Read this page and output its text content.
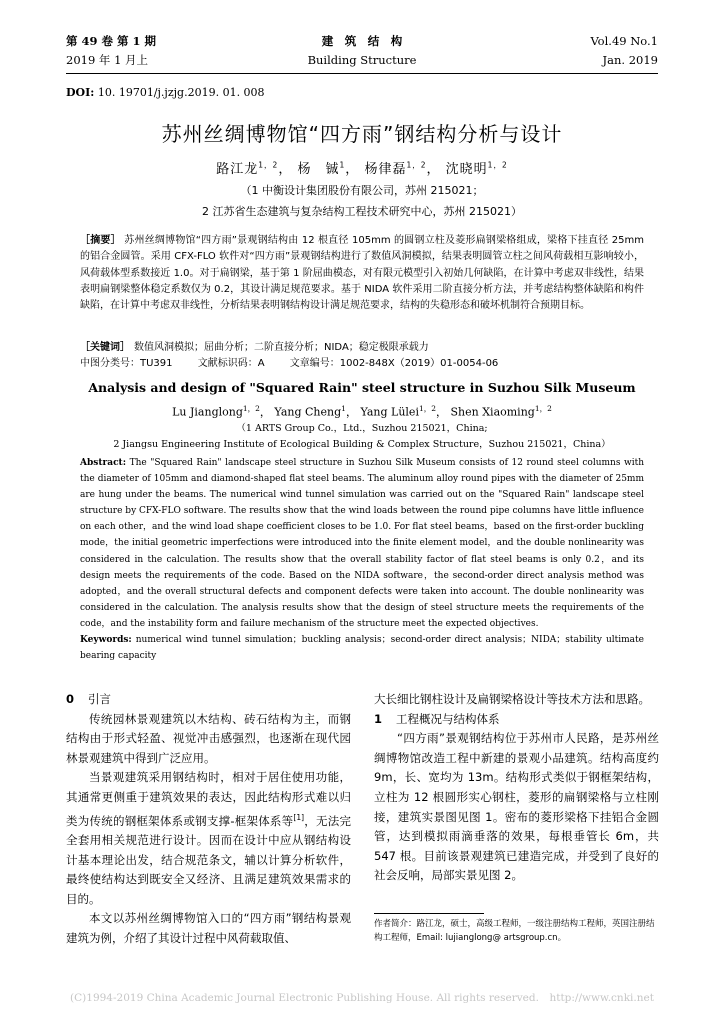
第 49 卷 第 1 期
2019 年 1 月上
建　筑　结　构
Building Structure
Vol.49 No.1
Jan. 2019
DOI: 10. 19701/j.jzjg.2019. 01. 008
苏州丝绸博物馆“四方雨”钢结构分析与设计
路江龙$^{1,2}$， 杨　铖$^1$， 杨律磊$^{1,2}$， 沈晓明$^{1,2}$
（1 中衡设计集团股份有限公司，苏州 215021；
2 江苏省生态建筑与复杂结构工程技术研究中心，苏州 215021）
［摘要］ 苏州丝绸博物馆“四方雨”景观钢结构由 12 根直径 105mm 的圆钢立柱及菱形扁钢梁格组成，梁格下挂直径 25mm 的铝合金圆管。采用 CFX-FLO 软件对“四方雨”景观钢结构进行了数值风洞模拟，结果表明圆管立柱之间风荷载相互影响较小，风荷载体型系数接近 1.0。对于扁钢梁，基于第 1 阶屈曲模态，对有限元模型引入初始几何缺陷，在计算中考虑双非线性，结果表明扁钢梁整体稳定系数仅为 0.2，其设计满足规范要求。基于 NIDA 软件采用二阶直接分析方法，并考虑结构整体缺陷和构件缺陷，在计算中考虑双非线性，分析结果表明钢结构设计满足规范要求，结构的失稳形态和破坏机制符合预期目标。
［关键词］ 数值风洞模拟；屈曲分析；二阶直接分析；NIDA；稳定极限承载力
中图分类号：TU391	文献标识码：A	文章编号：1002-848X（2019）01-0054-06
Analysis and design of "Squared Rain" steel structure in Suzhou Silk Museum
Lu Jianglong$^{1,2}$， Yang Cheng$^1$， Yang Lülei$^{1,2}$， Shen Xiaoming$^{1,2}$
（1 ARTS Group Co.，Ltd.，Suzhou 215021，China;
2 Jiangsu Engineering Institute of Ecological Building & Complex Structure，Suzhou 215021，China）
Abstract: The "Squared Rain" landscape steel structure in Suzhou Silk Museum consists of 12 round steel columns with the diameter of 105mm and diamond-shaped flat steel beams. The aluminum alloy round pipes with the diameter of 25mm are hung under the beams. The numerical wind tunnel simulation was carried out on the "Squared Rain" landscape steel structure by CFX-FLO software. The results show that the wind loads between the round pipe columns have little influence on each other，and the wind load shape coefficient closes to be 1.0. For flat steel beams，based on the first-order buckling mode，the initial geometric imperfections were introduced into the finite element model，and the double nonlinearity was considered in the calculation. The results show that the overall stability factor of flat steel beams is only 0.2，and its design meets the requirements of the code. Based on the NIDA software，the second-order direct analysis method was adopted，and the overall structural defects and component defects were taken into account. The double nonlinearity was considered in the calculation. The analysis results show that the design of steel structure meets the requirements of the code，and the instability form and failure mechanism of the structure meet the expected objectives.
Keywords: numerical wind tunnel simulation；buckling analysis；second-order direct analysis；NIDA；stability ultimate bearing capacity

0 引言

传统园林景观建筑以木结构、砖石结构为主，而钢结构由于形式轻盈、视觉冲击感强烈，也逐渐在现代园林景观建筑中得到广泛应用。

当景观建筑采用钢结构时，相对于居住使用功能，其通常更侧重于建筑效果的表达，因此结构形式难以归类为传统的钢框架体系或钢支撑-框架体系等[1]，无法完全套用相关规范进行设计。因而在设计中应从钢结构设计基本理论出发，结合规范条文，辅以计算分析软件，最终使结构达到既安全又经济、且满足建筑效果需求的目的。

本文以苏州丝绸博物馆入口的“四方雨”钢结构景观建筑为例，介绍了其设计过程中风荷载取值、

大长细比钢柱设计及扁钢梁格设计等技术方法和思路。

1 工程概况与结构体系

“四方雨”景观钢结构位于苏州市人民路，是苏州丝绸博物馆改造工程中新建的景观小品建筑。结构高度约 9m，长、宽均为 13m。结构形式类似于钢框架结构，立柱为 12 根圆形实心钢柱，菱形的扁钢梁格与立柱刚接，建筑实景图见图 1。密布的菱形梁格下挂铝合金圆管，达到模拟雨滴垂落的效果，每根垂管长 6m，共 547 根。目前该景观建筑已建造完成，并受到了良好的社会反响，局部实景见图 2。

作者简介：路江龙，硕士，高级工程师，一级注册结构工程师，英国注册结构工程师，Email: lujianglong@ artsgroup.cn。
(C)1994-2019 China Academic Journal Electronic Publishing House. All rights reserved.　http://www.cnki.net
